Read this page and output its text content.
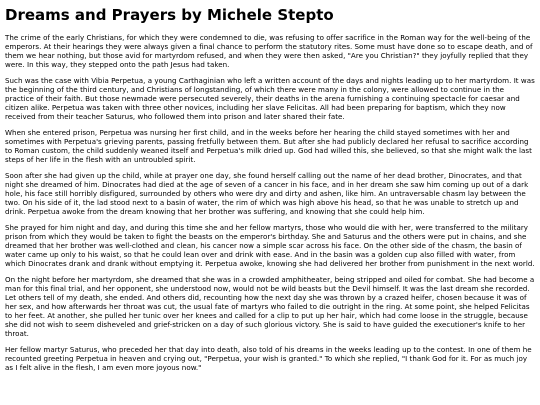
Dreams and Prayers by Michele Stepto

The crime of the early Christians, for which they were condemned to die, was refusing to offer sacrifice in the Roman way for the well-being of the emperors. At their hearings they were always given a final chance to perform the statutory rites. Some must have done so to escape death, and of them we hear nothing, but those avid for martyrdom refused, and when they were then asked, "Are you Christian?" they joyfully replied that they were. In this way, they stepped onto the path Jesus had taken.

Such was the case with Vibia Perpetua, a young Carthaginian who left a written account of the days and nights leading up to her martyrdom. It was the beginning of the third century, and Christians of longstanding, of which there were many in the colony, were allowed to continue in the practice of their faith. But those newmade were persecuted severely, their deaths in the arena furnishing a continuing spectacle for caesar and citizen alike. Perpetua was taken with three other novices, including her slave Felicitas. All had been preparing for baptism, which they now received from their teacher Saturus, who followed them into prison and later shared their fate.

When she entered prison, Perpetua was nursing her first child, and in the weeks before her hearing the child stayed sometimes with her and sometimes with Perpetua's grieving parents, passing fretfully between them. But after she had publicly declared her refusal to sacrifice according to Roman custom, the child suddenly weaned itself and Perpetua's milk dried up. God had willed this, she believed, so that she might walk the last steps of her life in the flesh with an untroubled spirit.

Soon after she had given up the child, while at prayer one day, she found herself calling out the name of her dead brother, Dinocrates, and that night she dreamed of him. Dinocrates had died at the age of seven of a cancer in his face, and in her dream she saw him coming up out of a dark hole, his face still horribly disfigured, surrounded by others who were dry and dirty and ashen, like him. An untraversable chasm lay between the two. On his side of it, the lad stood next to a basin of water, the rim of which was high above his head, so that he was unable to stretch up and drink. Perpetua awoke from the dream knowing that her brother was suffering, and knowing that she could help him.

She prayed for him night and day, and during this time she and her fellow martyrs, those who would die with her, were transferred to the military prison from which they would be taken to fight the beasts on the emperor's birthday. She and Saturus and the others were put in chains, and she dreamed that her brother was well-clothed and clean, his cancer now a simple scar across his face. On the other side of the chasm, the basin of water came up only to his waist, so that he could lean over and drink with ease. And in the basin was a golden cup also filled with water, from which Dinocrates drank and drank without emptying it. Perpetua awoke, knowing she had delivered her brother from punishment in the next world.

On the night before her martyrdom, she dreamed that she was in a crowded amphitheater, being stripped and oiled for combat. She had become a man for this final trial, and her opponent, she understood now, would not be wild beasts but the Devil himself. It was the last dream she recorded. Let others tell of my death, she ended. And others did, recounting how the next day she was thrown by a crazed heifer, chosen because it was of her sex, and how afterwards her throat was cut, the usual fate of martyrs who failed to die outright in the ring. At some point, she helped Felicitas to her feet. At another, she pulled her tunic over her knees and called for a clip to put up her hair, which had come loose in the struggle, because she did not wish to seem disheveled and grief-stricken on a day of such glorious victory. She is said to have guided the executioner's knife to her throat.

Her fellow martyr Saturus, who preceded her that day into death, also told of his dreams in the weeks leading up to the contest. In one of them he recounted greeting Perpetua in heaven and crying out, "Perpetua, your wish is granted." To which she replied, "I thank God for it. For as much joy as I felt alive in the flesh, I am even more joyous now."
